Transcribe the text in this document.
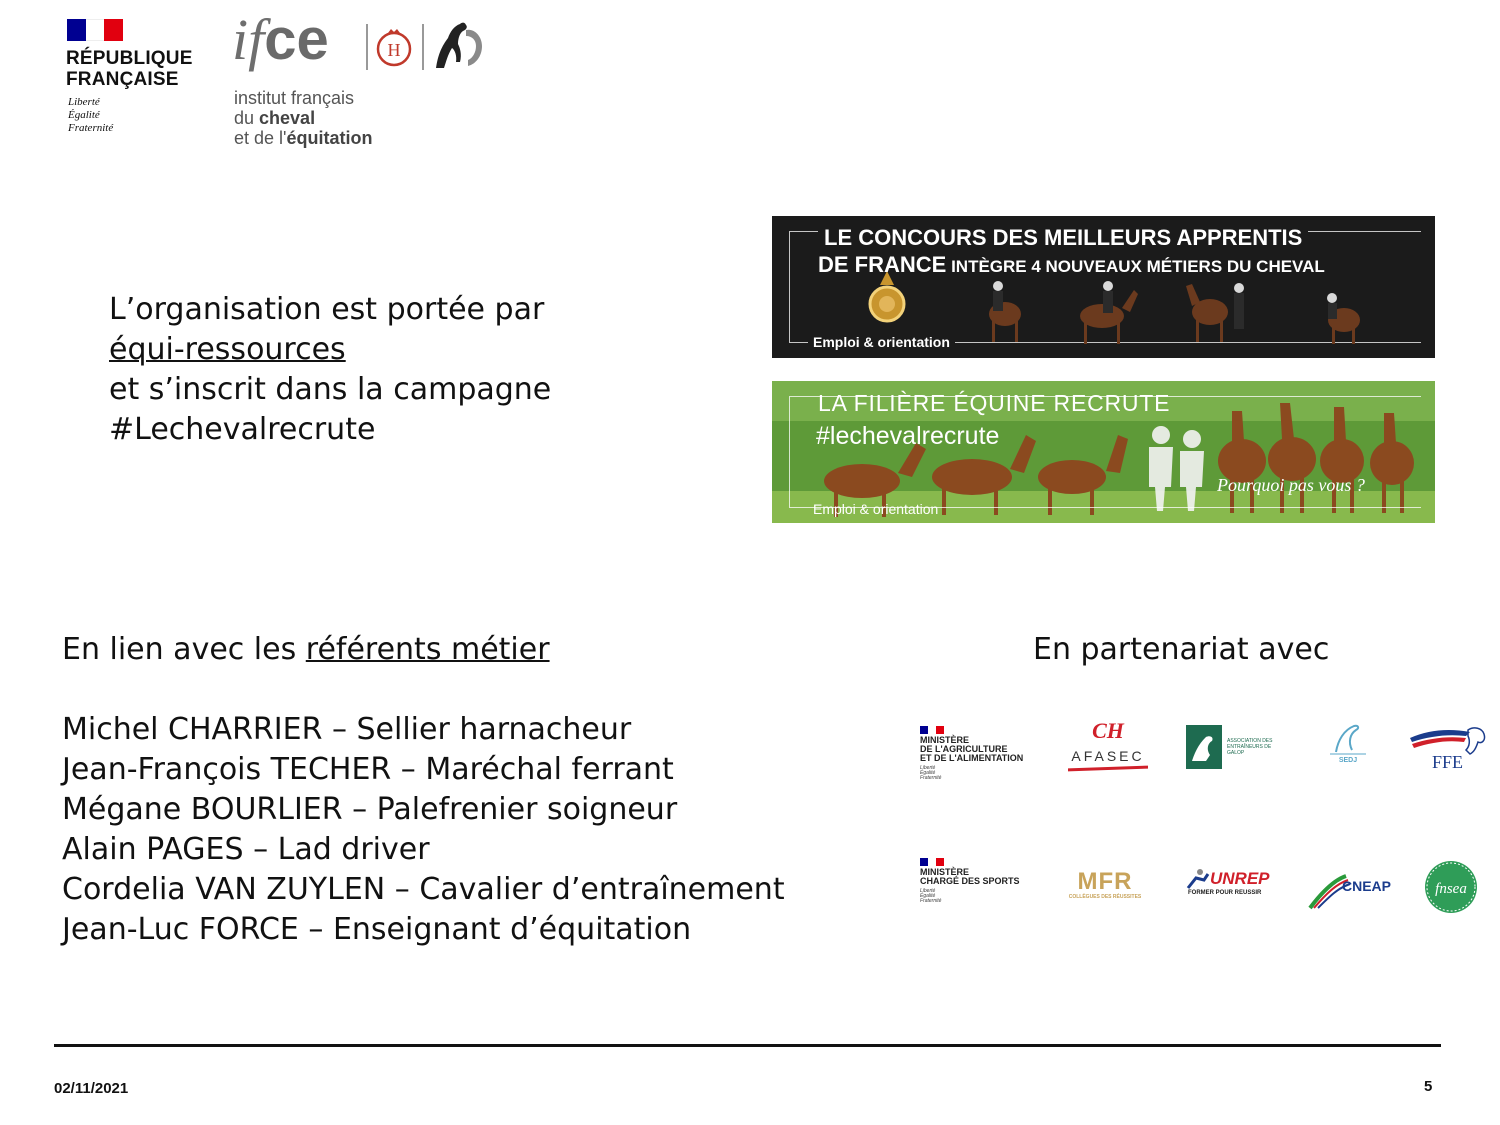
RÉPUBLIQUE
FRANÇAISE
Liberté
Égalité
Fraternité
ifce	H
institut français
du cheval
et de l'équitation
L’organisation est portée par
équi-ressources
et s’inscrit dans la campagne
#Lechevalrecrute
LE CONCOURS DES MEILLEURS APPRENTIS
DE FRANCE INTÈGRE 4 NOUVEAUX MÉTIERS DU CHEVAL
Emploi & orientation
LA FILIÈRE ÉQUINE RECRUTE
#lechevalrecrute
Pourquoi pas vous ?
Emploi & orientation
En lien avec les référents métier
Michel CHARRIER – Sellier harnacheur
Jean-François TECHER – Maréchal ferrant
Mégane BOURLIER – Palefrenier soigneur
Alain PAGES – Lad driver
Cordelia VAN ZUYLEN – Cavalier d’entraînement
Jean-Luc FORCE – Enseignant d’équitation
En partenariat avec
MINISTÈRE
DE L'AGRICULTURE
ET DE L'ALIMENTATION
Liberté
Égalité
Fraternité
CH
AFASEC
ASSOCIATION DES ENTRAÎNEURS DE GALOP
SEDJ	FFE
MINISTÈRE
CHARGÉ DES SPORTS
Liberté
Égalité
Fraternité
MFR
COLLÈGUES DES RÉUSSITES
UNREP
FORMER POUR REUSSIR	CNEAP	fnsea
02/11/2021	5
